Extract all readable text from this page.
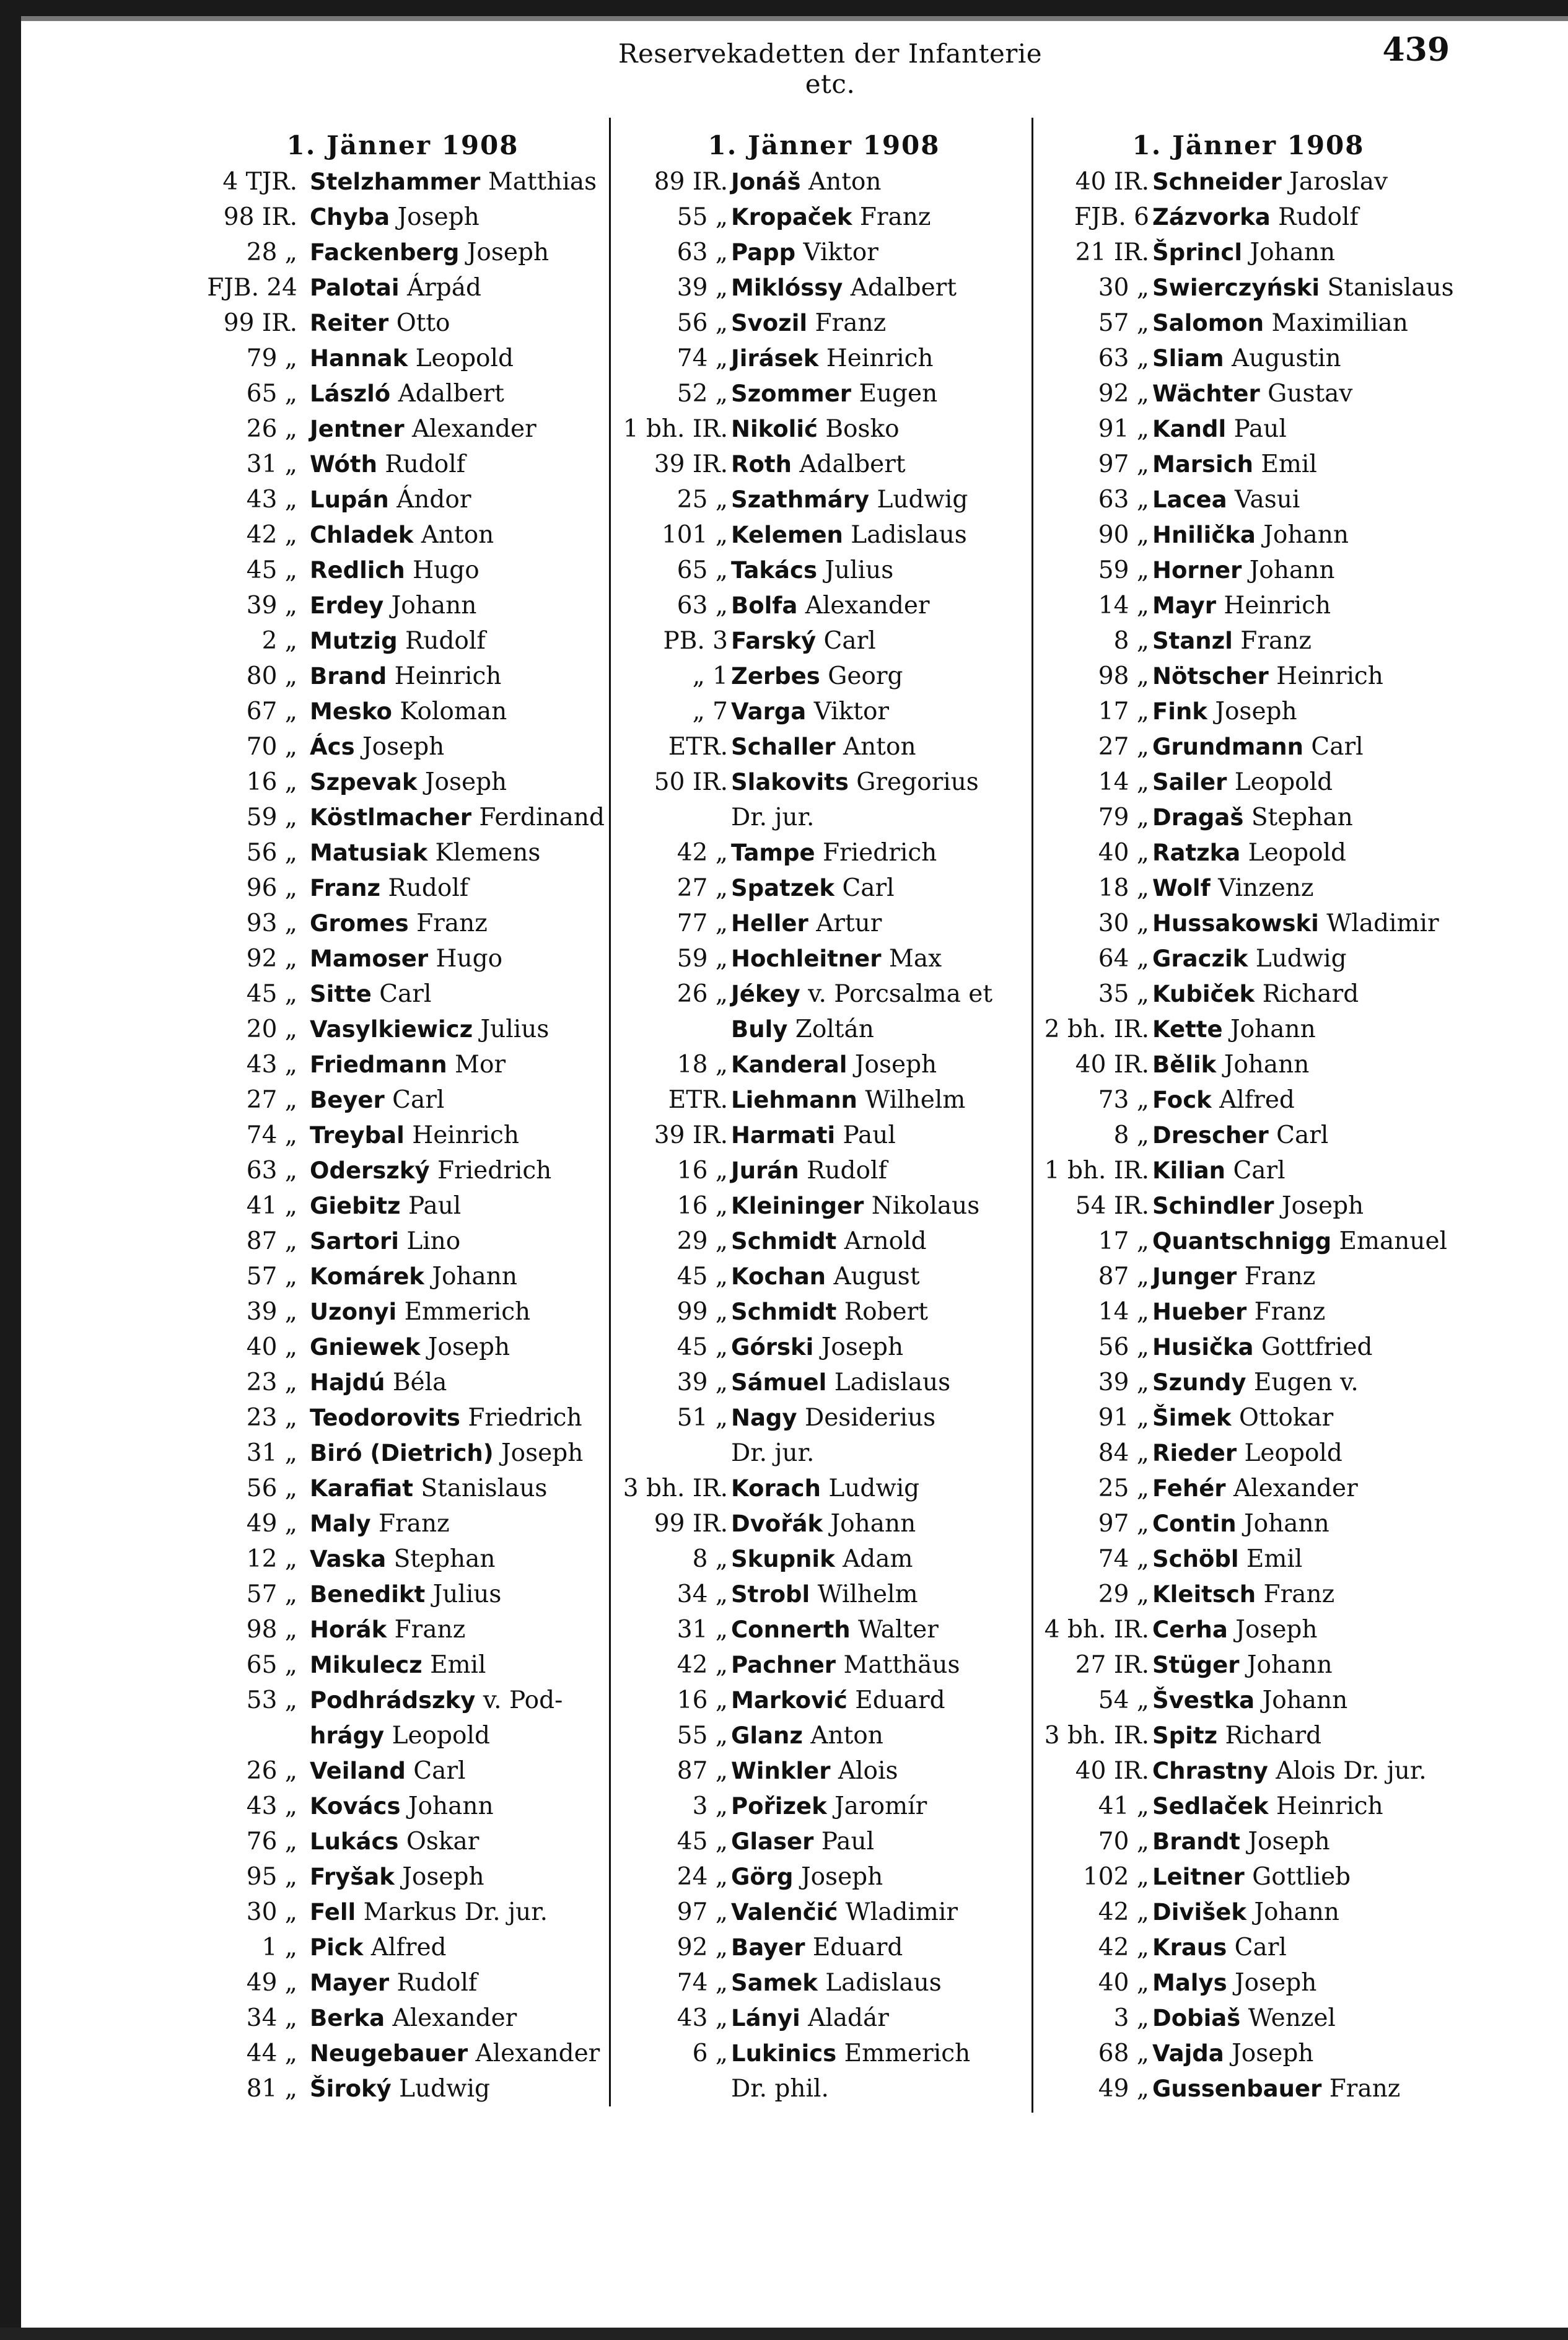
Reservekadetten der Infanterie etc.
439
1. Jänner 1908
4 TJR. Stelzhammer Matthias
98 IR. Chyba Joseph
28 „ Fackenberg Joseph
FJB. 24 Palotai Árpád
99 IR. Reiter Otto
79 „ Hannak Leopold
65 „ László Adalbert
26 „ Jentner Alexander
31 „ Wóth Rudolf
43 „ Lupán Ándor
42 „ Chladek Anton
45 „ Redlich Hugo
39 „ Erdey Johann
2 „ Mutzig Rudolf
80 „ Brand Heinrich
67 „ Mesko Koloman
70 „ Ács Joseph
16 „ Szpevak Joseph
59 „ Köstlmacher Ferdinand
56 „ Matusiak Klemens
96 „ Franz Rudolf
93 „ Gromes Franz
92 „ Mamoser Hugo
45 „ Sitte Carl
20 „ Vasylkiewicz Julius
43 „ Friedmann Mor
27 „ Beyer Carl
74 „ Treybal Heinrich
63 „ Oderszký Friedrich
41 „ Giebitz Paul
87 „ Sartori Lino
57 „ Komárek Johann
39 „ Uzonyi Emmerich
40 „ Gniewek Joseph
23 „ Hajdú Béla
23 „ Teodorovits Friedrich
31 „ Biró (Dietrich) Joseph
56 „ Karafiat Stanislaus
49 „ Maly Franz
12 „ Vaska Stephan
57 „ Benedikt Julius
98 „ Horák Franz
65 „ Mikulecz Emil
53 „ Podhrádszky v. Pod-
hrágy Leopold
26 „ Veiland Carl
43 „ Kovács Johann
76 „ Lukács Oskar
95 „ Fryšak Joseph
30 „ Fell Markus Dr. jur.
1 „ Pick Alfred
49 „ Mayer Rudolf
34 „ Berka Alexander
44 „ Neugebauer Alexander
81 „ Široký Ludwig
1. Jänner 1908
89 IR. Jonáš Anton
55 „ Kropaček Franz
63 „ Papp Viktor
39 „ Miklóssy Adalbert
56 „ Svozil Franz
74 „ Jirásek Heinrich
52 „ Szommer Eugen
1 bh. IR. Nikolić Bosko
39 IR. Roth Adalbert
25 „ Szathmáry Ludwig
101 „ Kelemen Ladislaus
65 „ Takács Julius
63 „ Bolfa Alexander
PB. 3 Farský Carl
„ 1 Zerbes Georg
„ 7 Varga Viktor
ETR. Schaller Anton
50 IR. Slakovits Gregorius
Dr. jur.
42 „ Tampe Friedrich
27 „ Spatzek Carl
77 „ Heller Artur
59 „ Hochleitner Max
26 „ Jékey v. Porcsalma et
Buly Zoltán
18 „ Kanderal Joseph
ETR. Liehmann Wilhelm
39 IR. Harmati Paul
16 „ Jurán Rudolf
16 „ Kleininger Nikolaus
29 „ Schmidt Arnold
45 „ Kochan August
99 „ Schmidt Robert
45 „ Górski Joseph
39 „ Sámuel Ladislaus
51 „ Nagy Desiderius
Dr. jur.
3 bh. IR. Korach Ludwig
99 IR. Dvořák Johann
8 „ Skupnik Adam
34 „ Strobl Wilhelm
31 „ Connerth Walter
42 „ Pachner Matthäus
16 „ Marković Eduard
55 „ Glanz Anton
87 „ Winkler Alois
3 „ Pořizek Jaromír
45 „ Glaser Paul
24 „ Görg Joseph
97 „ Valenčić Wladimir
92 „ Bayer Eduard
74 „ Samek Ladislaus
43 „ Lányi Aladár
6 „ Lukinics Emmerich
Dr. phil.
1. Jänner 1908
40 IR. Schneider Jaroslav
FJB. 6 Zázvorka Rudolf
21 IR. Šprincl Johann
30 „ Swierczyński Stanislaus
57 „ Salomon Maximilian
63 „ Sliam Augustin
92 „ Wächter Gustav
91 „ Kandl Paul
97 „ Marsich Emil
63 „ Lacea Vasui
90 „ Hnilička Johann
59 „ Horner Johann
14 „ Mayr Heinrich
8 „ Stanzl Franz
98 „ Nötscher Heinrich
17 „ Fink Joseph
27 „ Grundmann Carl
14 „ Sailer Leopold
79 „ Dragaš Stephan
40 „ Ratzka Leopold
18 „ Wolf Vinzenz
30 „ Hussakowski Wladimir
64 „ Graczik Ludwig
35 „ Kubiček Richard
2 bh. IR. Kette Johann
40 IR. Bělik Johann
73 „ Fock Alfred
8 „ Drescher Carl
1 bh. IR. Kilian Carl
54 IR. Schindler Joseph
17 „ Quantschnigg Emanuel
87 „ Junger Franz
14 „ Hueber Franz
56 „ Husička Gottfried
39 „ Szundy Eugen v.
91 „ Šimek Ottokar
84 „ Rieder Leopold
25 „ Fehér Alexander
97 „ Contin Johann
74 „ Schöbl Emil
29 „ Kleitsch Franz
4 bh. IR. Cerha Joseph
27 IR. Stüger Johann
54 „ Švestka Johann
3 bh. IR. Spitz Richard
40 IR. Chrastny Alois Dr. jur.
41 „ Sedlaček Heinrich
70 „ Brandt Joseph
102 „ Leitner Gottlieb
42 „ Divišek Johann
42 „ Kraus Carl
40 „ Malys Joseph
3 „ Dobiaš Wenzel
68 „ Vajda Joseph
49 „ Gussenbauer Franz
